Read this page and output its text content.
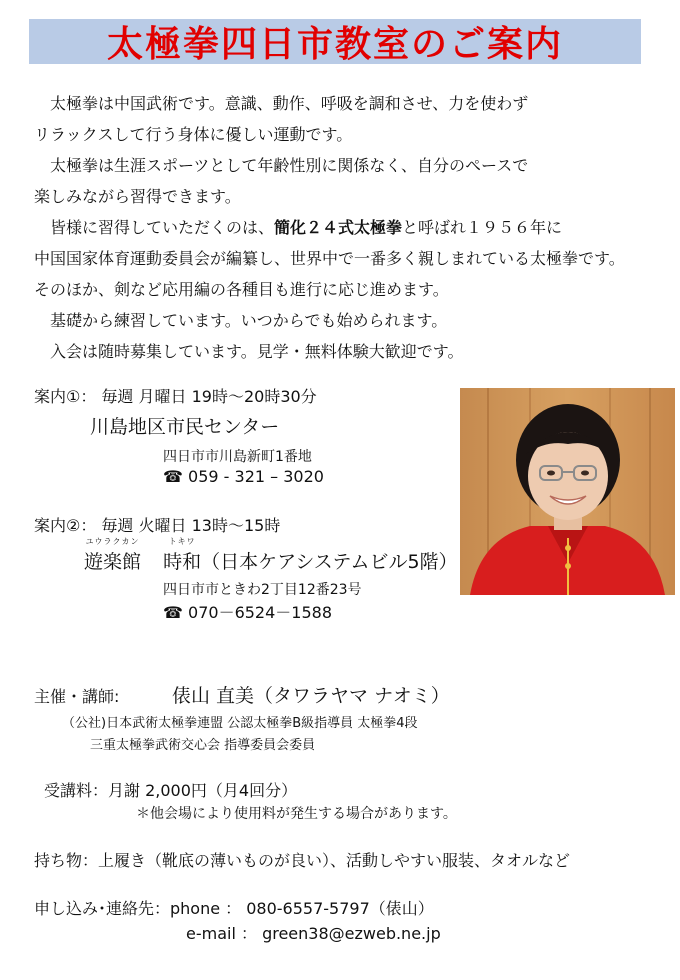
太極拳四日市教室のご案内

太極拳は中国武術です。意識、動作、呼吸を調和させ、力を使わず

リラックスして行う身体に優しい運動です。

太極拳は生涯スポーツとして年齢性別に関係なく、自分のペースで

楽しみながら習得できます。

皆様に習得していただくのは、簡化２４式太極拳と呼ばれ１９５６年に

中国国家体育運動委員会が編纂し、世界中で一番多く親しまれている太極拳です。

そのほか、剣など応用編の各種目も進行に応じ進めます。

基礎から練習しています。いつからでも始められます。

入会は随時募集しています。見学・無料体験大歓迎です。

案内①： 毎週 月曜日 19時～20時30分
川島地区市民センター
四日市市川島新町1番地
☎ 059 - 321 – 3020
案内②： 毎週 火曜日 13時～15時
ユウラクカン
遊楽館
トキワ
時和（日本ケアシステムビル5階）
四日市市ときわ2丁目12番23号
☎ 070－6524－1588
主催・講師:	俵山 直美（タワラヤマ ナオミ）
（公社)日本武術太極拳連盟 公認太極拳B級指導員 太極拳4段
三重太極拳武術交心会 指導委員会委員
受講料：月謝 2,000円（月4回分）
＊他会場により使用料が発生する場合があります。
持ち物：上履き（靴底の薄いものが良い）、活動しやすい服装、タオルなど
申し込み･連絡先：phone ： 080-6557-5797（俵山）
e-mail ： green38@ezweb.ne.jp
